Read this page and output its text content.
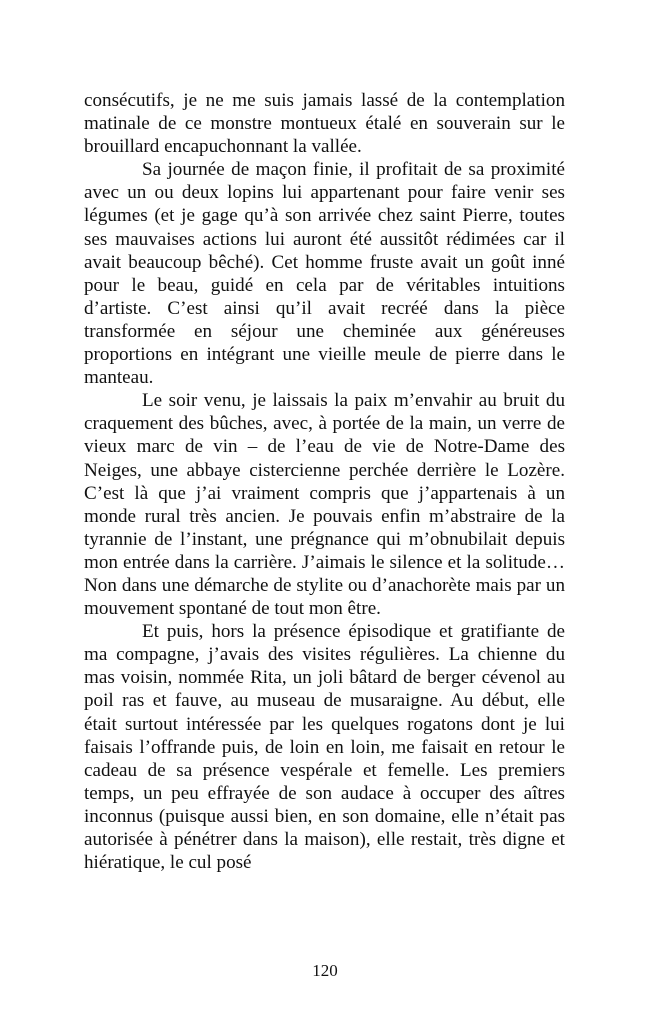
consécutifs, je ne me suis jamais lassé de la contemplation matinale de ce monstre montueux étalé en souverain sur le brouillard encapuchonnant la vallée.

Sa journée de maçon finie, il profitait de sa proximité avec un ou deux lopins lui appartenant pour faire venir ses légumes (et je gage qu’à son arrivée chez saint Pierre, toutes ses mauvaises actions lui auront été aussitôt rédimées car il avait beaucoup bêché). Cet homme fruste avait un goût inné pour le beau, guidé en cela par de véritables intuitions d’artiste. C’est ainsi qu’il avait recréé dans la pièce transformée en séjour une cheminée aux généreuses proportions en intégrant une vieille meule de pierre dans le manteau.

Le soir venu, je laissais la paix m’envahir au bruit du craquement des bûches, avec, à portée de la main, un verre de vieux marc de vin – de l’eau de vie de Notre-Dame des Neiges, une abbaye cistercienne perchée derrière le Lozère. C’est là que j’ai vraiment compris que j’appartenais à un monde rural très ancien. Je pouvais enfin m’abstraire de la tyrannie de l’instant, une prégnance qui m’obnubilait depuis mon entrée dans la carrière. J’aimais le silence et la solitude… Non dans une démarche de stylite ou d’anachorète mais par un mouvement spontané de tout mon être.

Et puis, hors la présence épisodique et gratifiante de ma compagne, j’avais des visites régulières. La chienne du mas voisin, nommée Rita, un joli bâtard de berger cévenol au poil ras et fauve, au museau de musaraigne. Au début, elle était surtout intéressée par les quelques rogatons dont je lui faisais l’offrande puis, de loin en loin, me faisait en retour le cadeau de sa présence vespérale et femelle. Les premiers temps, un peu effrayée de son audace à occuper des aîtres inconnus (puisque aussi bien, en son domaine, elle n’était pas autorisée à pénétrer dans la maison), elle restait, très digne et hiératique, le cul posé

120
